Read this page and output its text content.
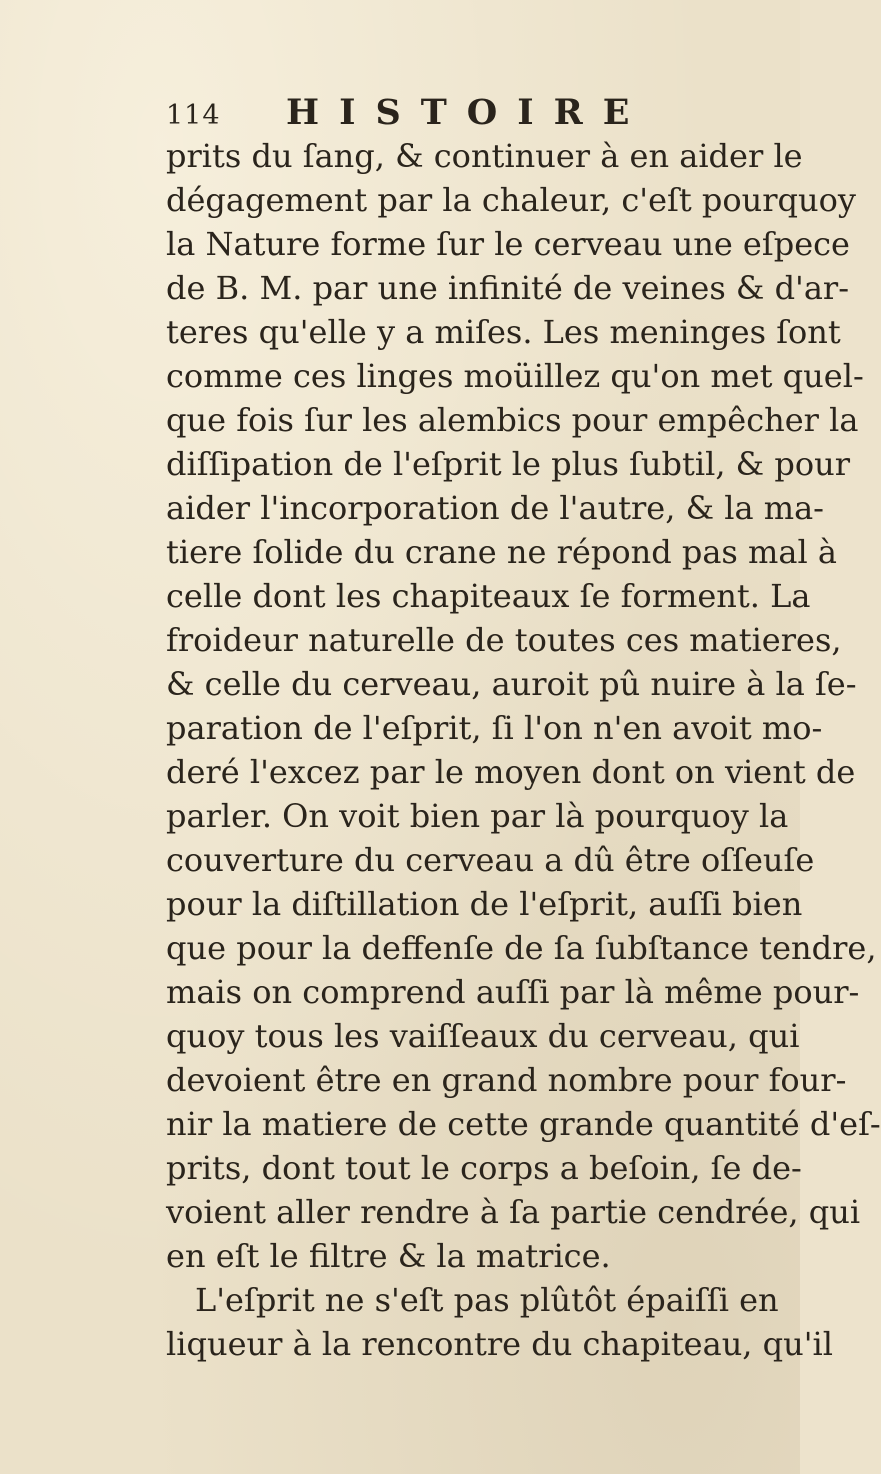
114 HISTOIRE
prits du ſang, & continuer à en aider le
dégagement par la chaleur, c'eſt pourquoy
la Nature forme ſur le cerveau une eſpece
de B. M. par une infinité de veines & d'ar-
teres qu'elle y a miſes. Les meninges ſont
comme ces linges moüillez qu'on met quel-
que fois ſur les alembics pour empêcher la
diſſipation de l'eſprit le plus ſubtil, & pour
aider l'incorporation de l'autre, & la ma-
tiere ſolide du crane ne répond pas mal à
celle dont les chapiteaux ſe forment. La
froideur naturelle de toutes ces matieres,
& celle du cerveau, auroit pû nuire à la ſe-
paration de l'eſprit, ſi l'on n'en avoit mo-
deré l'excez par le moyen dont on vient de
parler. On voit bien par là pourquoy la
couverture du cerveau a dû être oſſeuſe
pour la diſtillation de l'eſprit, auſſi bien
que pour la deffenſe de ſa ſubſtance tendre,
mais on comprend auſſi par là même pour-
quoy tous les vaiſſeaux du cerveau, qui
devoient être en grand nombre pour four-
nir la matiere de cette grande quantité d'eſ-
prits, dont tout le corps a beſoin, ſe de-
voient aller rendre à ſa partie cendrée, qui
en eſt le filtre & la matrice.
L'eſprit ne s'eſt pas plûtôt épaiſſi en
liqueur à la rencontre du chapiteau, qu'il
